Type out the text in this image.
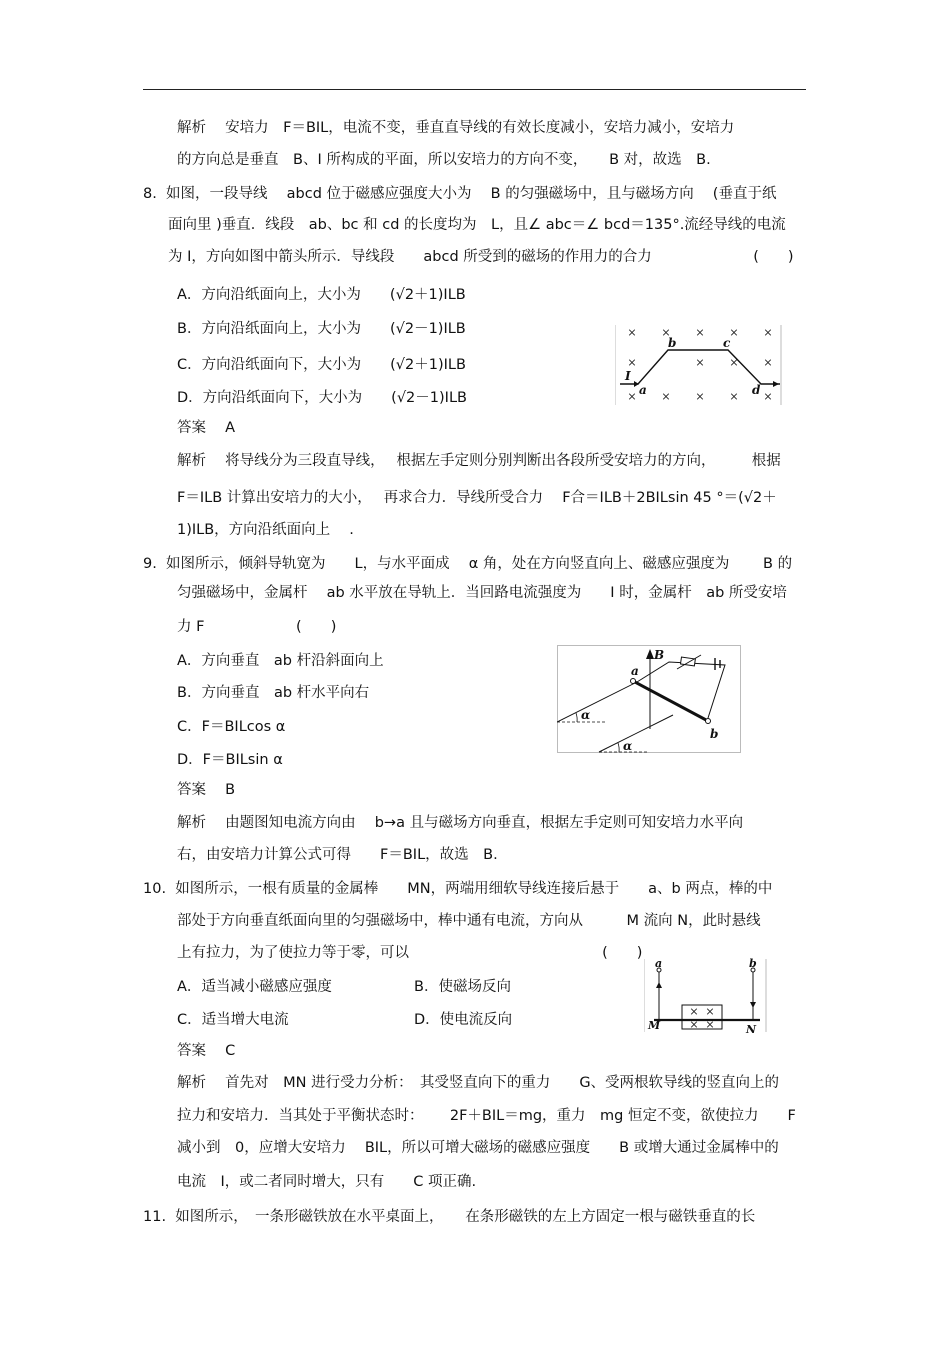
解析　 安培力　F＝BIL，电流不变，垂直直导线的有效长度减小，安培力减小，安培力
的方向总是垂直　B、I 所构成的平面，所以安培力的方向不变，　　B 对，故选　B.
8.  如图，一段导线　 abcd 位于磁感应强度大小为　 B 的匀强磁场中，且与磁场方向　 (垂直于纸
面向里 )垂直．线段　ab、bc 和 cd 的长度均为　L，且∠ abc＝∠ bcd＝135°.流经导线的电流
为 I，方向如图中箭头所示．导线段　　abcd 所受到的磁场的作用力的合力　　　　　　　(　　)
A．方向沿纸面向上，大小为　　(√2＋1)ILB
B．方向沿纸面向上，大小为　　(√2－1)ILB
C．方向沿纸面向下，大小为　　(√2＋1)ILB
D．方向沿纸面向下，大小为　　(√2－1)ILB
答案　 A
解析　 将导线分为三段直导线，　 根据左手定则分别判断出各段所受安培力的方向，　　　根据
F＝ILB 计算出安培力的大小，　 再求合力．导线所受合力　 F合＝ILB＋2BILsin 45 °＝(√2＋
1)ILB，方向沿纸面向上　 .
9.  如图所示，倾斜导轨宽为　　L，与水平面成　 α 角，处在方向竖直向上、磁感应强度为　　 B 的
匀强磁场中，金属杆　 ab 水平放在导轨上．当回路电流强度为　　I 时，金属杆　ab 所受安培
力 F　　　　　　 (　　)
A．方向垂直　ab 杆沿斜面向上
B．方向垂直　ab 杆水平向右
C．F＝BILcos α
D．F＝BILsin α
答案　 B
解析　 由题图知电流方向由　 b→a 且与磁场方向垂直，根据左手定则可知安培力水平向
右，由安培力计算公式可得　　F＝BIL，故选　B.
10.  如图所示，一根有质量的金属棒　　MN，两端用细软导线连接后悬于　　a、b 两点，棒的中
部处于方向垂直纸面向里的匀强磁场中，棒中通有电流，方向从　　　M 流向 N，此时悬线
上有拉力，为了使拉力等于零，可以　　　　　　　　　　　　　 (　　)
A．适当减小磁感应强度	B．使磁场反向
C．适当增大电流	D．使电流反向
答案　 C
解析　 首先对　MN 进行受力分析：　其受竖直向下的重力　　G、受两根软导线的竖直向上的
拉力和安培力．当其处于平衡状态时：　　 2F＋BIL＝mg，重力　mg 恒定不变，欲使拉力　　F
减小到　0，应增大安培力　 BIL，所以可增大磁场的磁感应强度　　B 或增大通过金属棒中的
电流　I，或二者同时增大，只有　　C 项正确.
11.  如图所示，　一条形磁铁放在水平桌面上，　　在条形磁铁的左上方固定一根与磁铁垂直的长
× × × × ×
×	× × ×
× × × × ×
I
a
b	c
d
B
a
b
α
α
× ×
× ×
a	b
M	N
